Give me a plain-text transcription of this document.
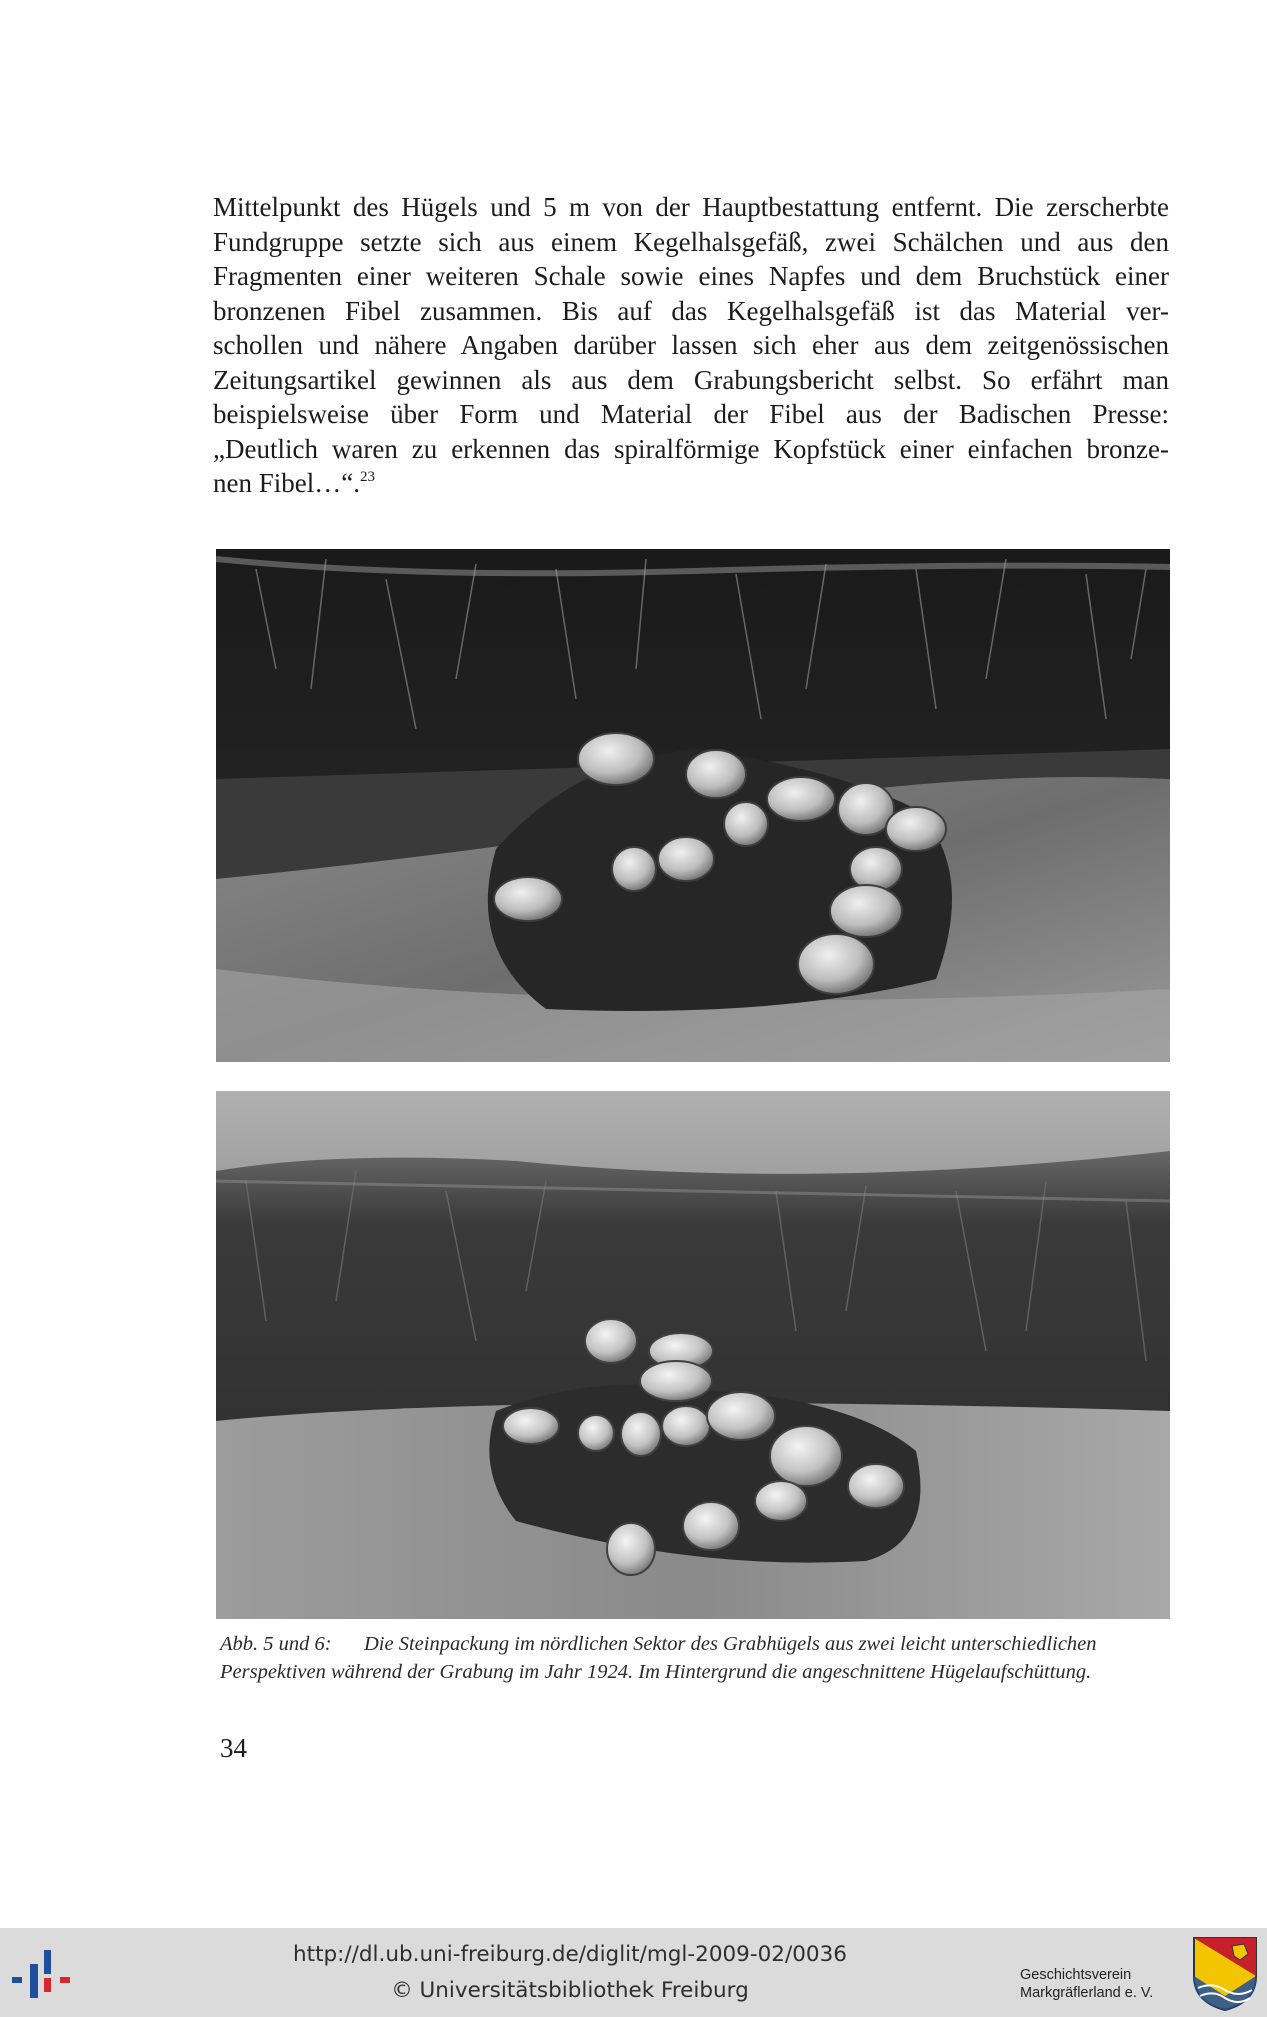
Mittelpunkt des Hügels und 5 m von der Hauptbestattung entfernt. Die zerscherbte
Fundgruppe setzte sich aus einem Kegelhalsgefäß, zwei Schälchen und aus den
Fragmenten einer weiteren Schale sowie eines Napfes und dem Bruchstück einer
bronzenen Fibel zusammen. Bis auf das Kegelhalsgefäß ist das Material ver-
schollen und nähere Angaben darüber lassen sich eher aus dem zeitgenössischen
Zeitungsartikel gewinnen als aus dem Grabungsbericht selbst. So erfährt man
beispielsweise über Form und Material der Fibel aus der Badischen Presse:
„Deutlich waren zu erkennen das spiralförmige Kopfstück einer einfachen bronze-
nen Fibel…“.$^{23}$

Abb. 5 und 6: Die Steinpackung im nördlichen Sektor des Grabhügels aus zwei leicht unterschiedlichen
Perspektiven während der Grabung im Jahr 1924. Im Hintergrund die angeschnittene Hügelaufschüttung.

34

http://dl.ub.uni-freiburg.de/diglit/mgl-2009-02/0036

© Universitätsbibliothek Freiburg

Geschichtsverein
Markgräflerland e. V.
